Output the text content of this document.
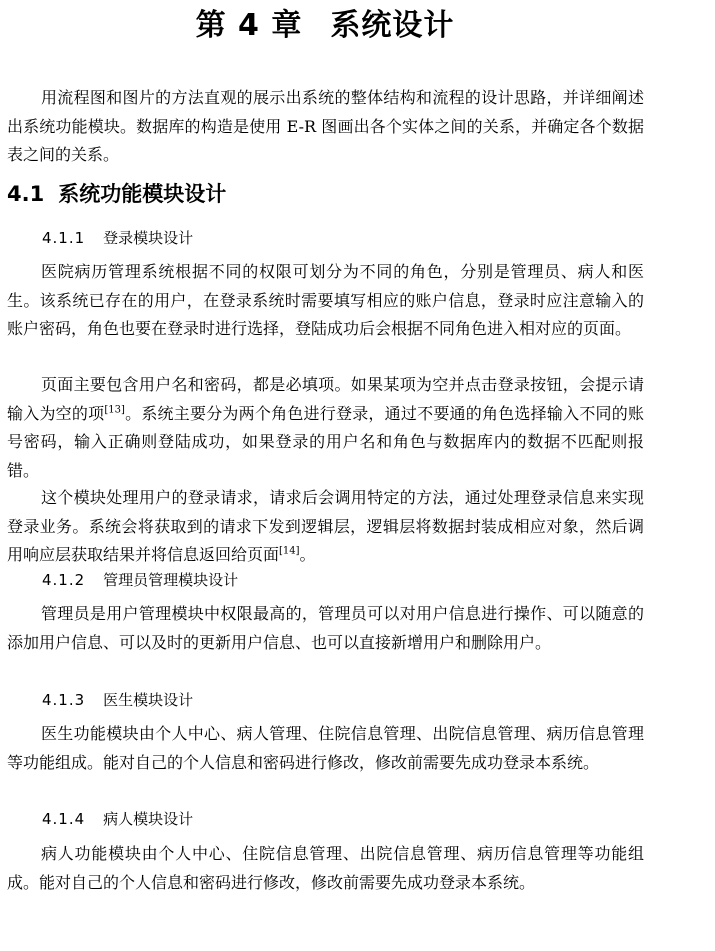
第 4 章 系统设计

用流程图和图片的方法直观的展示出系统的整体结构和流程的设计思路，并详细阐述出系统功能模块。数据库的构造是使用 E-R 图画出各个实体之间的关系，并确定各个数据表之间的关系。

4.1 系统功能模块设计
4.1.1 登录模块设计

医院病历管理系统根据不同的权限可划分为不同的角色，分别是管理员、病人和医生。该系统已存在的用户，在登录系统时需要填写相应的账户信息，登录时应注意输入的账户密码，角色也要在登录时进行选择，登陆成功后会根据不同角色进入相对应的页面。

页面主要包含用户名和密码，都是必填项。如果某项为空并点击登录按钮，会提示请输入为空的项[13]。系统主要分为两个角色进行登录，通过不要通的角色选择输入不同的账号密码，输入正确则登陆成功，如果登录的用户名和角色与数据库内的数据不匹配则报错。

这个模块处理用户的登录请求，请求后会调用特定的方法，通过处理登录信息来实现登录业务。系统会将获取到的请求下发到逻辑层，逻辑层将数据封装成相应对象，然后调用响应层获取结果并将信息返回给页面[14]。

4.1.2 管理员管理模块设计

管理员是用户管理模块中权限最高的，管理员可以对用户信息进行操作、可以随意的添加用户信息、可以及时的更新用户信息、也可以直接新增用户和删除用户。

4.1.3 医生模块设计

医生功能模块由个人中心、病人管理、住院信息管理、出院信息管理、病历信息管理等功能组成。能对自己的个人信息和密码进行修改，修改前需要先成功登录本系统。

4.1.4 病人模块设计

病人功能模块由个人中心、住院信息管理、出院信息管理、病历信息管理等功能组成。能对自己的个人信息和密码进行修改，修改前需要先成功登录本系统。
